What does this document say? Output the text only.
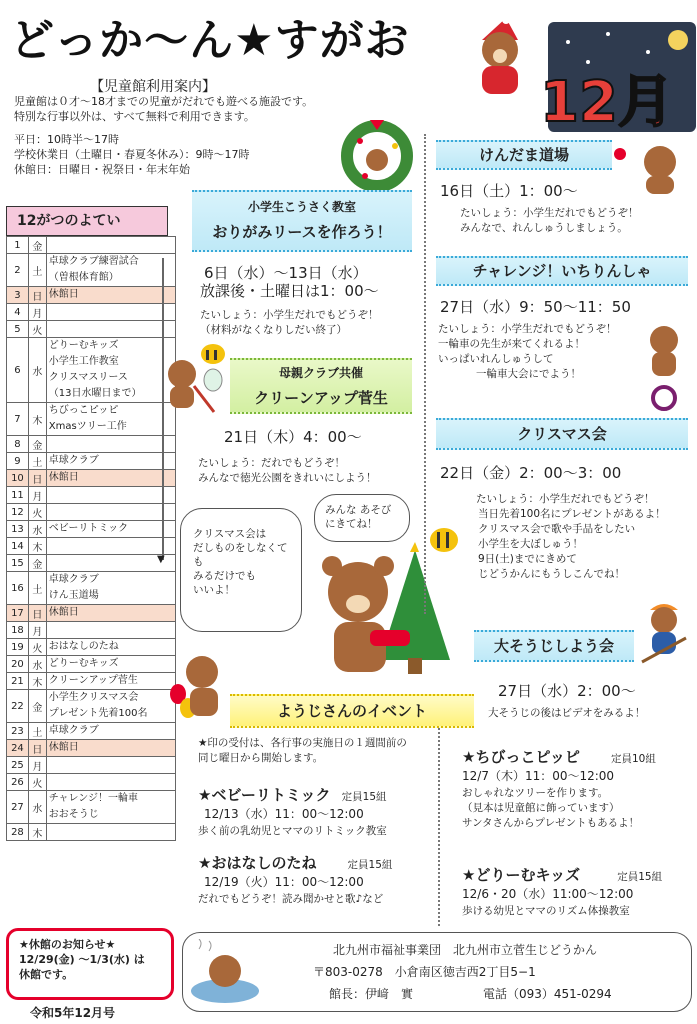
どっか〜ん★すがお
【児童館利用案内】
児童館は０才〜18才までの児童がだれでも遊べる施設です。
特別な行事以外は、すべて無料で利用できます。
平日：10時半〜17時
学校休業日（土曜日・春夏冬休み）：9時〜17時
休館日：日曜日・祝祭日・年末年始
12月
12がつのよてい
1	金	

2	土	卓球クラブ練習試合
（曽根体育館）

3	日	休館日

4	月	

5	火	

6	水	どりーむキッズ
小学生工作教室
クリスマスリース
（13日水曜日まで）

7	木	ちびっこピッピ
Xmasツリー工作

8	金	

9	土	卓球クラブ

10	日	休館日

11	月	

12	火	

13	水	ベビーリトミック

14	木	

15	金	

16	土	卓球クラブ
けん玉道場

17	日	休館日

18	月	

19	火	おはなしのたね

20	水	どりーむキッズ

21	木	クリーンアップ菅生

22	金	小学生クリスマス会
プレゼント先着100名

23	土	卓球クラブ

24	日	休館日

25	月	

26	火	

27	水	チャレンジ！一輪車
おおそうじ

28	木	
▼
★休館のお知らせ★
12/29(金) 〜1/3(水) は
休館です。
令和5年12月号
小学生こうさく教室
おりがみリースを作ろう！
6日（水）〜13日（水）
放課後・土曜日は1：00〜
たいしょう：小学生だれでもどうぞ！
（材料がなくなりしだい終了）
母親クラブ共催
クリーンアップ菅生
21日（木）4：00〜
たいしょう：だれでもどうぞ！
みんなで徳光公園をきれいにしよう！
クリスマス会は
だしものをしなくて
も
みるだけでも
いいよ！
みんな あそび
にきてね！
けんだま道場
16日（土）1：00〜
たいしょう：小学生だれでもどうぞ！
みんなで、れんしゅうしましょう。
チャレンジ！いちりんしゃ
27日（水）9：50〜11：50
たいしょう：小学生だれでもどうぞ！
一輪車の先生が来てくれるよ！
いっぱいれんしゅうして
一輪車大会にでよう！
クリスマス会
22日（金）2：00〜3：00
たいしょう：小学生だれでもどうぞ！
当日先着100名にプレゼントがあるよ！
クリスマス会で歌や手品をしたい
小学生を大ぼしゅう！
9日(土)までにきめて
じどうかんにもうしこんでね！
大そうじしよう会
27日（水）2：00〜
大そうじの後はビデオをみるよ！
ようじさんのイベント
★印の受付は、各行事の実施日の１週間前の
同じ曜日から開始します。
★ベビーリトミック 定員15組
12/13（水）11：00〜12:00
歩く前の乳幼児とママのリトミック教室
★おはなしのたね	定員15組
12/19（火）11：00〜12:00
だれでもどうぞ！読み聞かせと歌♪など
★ちびっこピッピ	定員10組
12/7（木）11：00〜12:00
おしゃれなツリーを作ります。
（見本は児童館に飾っています）
サンタさんからプレゼントもあるよ！
★どりーむキッズ	定員15組
12/6・20（水）11:00〜12:00
歩ける幼児とママのリズム体操教室
北九州市福祉事業団　北九州市立菅生じどうかん
〒803-0278　小倉南区徳吉西2丁目5−1
館長：伊﨑　實	電話（093）451-0294
